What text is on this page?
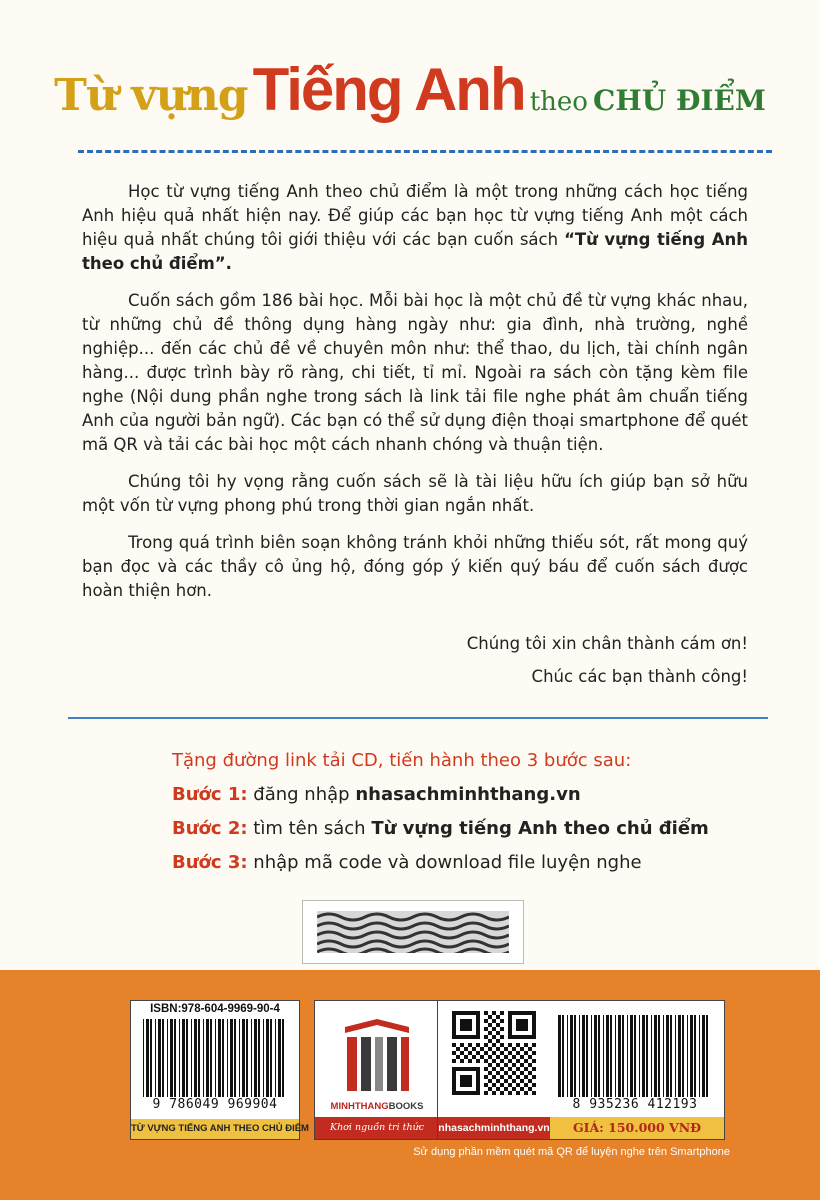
Từ vựng Tiếng Anh theo CHỦ ĐIỂM

Học từ vựng tiếng Anh theo chủ điểm là một trong những cách học tiếng Anh hiệu quả nhất hiện nay. Để giúp các bạn học từ vựng tiếng Anh một cách hiệu quả nhất chúng tôi giới thiệu với các bạn cuốn sách “Từ vựng tiếng Anh theo chủ điểm”.

Cuốn sách gồm 186 bài học. Mỗi bài học là một chủ đề từ vựng khác nhau, từ những chủ đề thông dụng hàng ngày như: gia đình, nhà trường, nghề nghiệp... đến các chủ đề về chuyên môn như: thể thao, du lịch, tài chính ngân hàng... được trình bày rõ ràng, chi tiết, tỉ mỉ. Ngoài ra sách còn tặng kèm file nghe (Nội dung phần nghe trong sách là link tải file nghe phát âm chuẩn tiếng Anh của người bản ngữ). Các bạn có thể sử dụng điện thoại smartphone để quét mã QR và tải các bài học một cách nhanh chóng và thuận tiện.

Chúng tôi hy vọng rằng cuốn sách sẽ là tài liệu hữu ích giúp bạn sở hữu một vốn từ vựng phong phú trong thời gian ngắn nhất.

Trong quá trình biên soạn không tránh khỏi những thiếu sót, rất mong quý bạn đọc và các thầy cô ủng hộ, đóng góp ý kiến quý báu để cuốn sách được hoàn thiện hơn.

Chúng tôi xin chân thành cám ơn!
Chúc các bạn thành công!
Tặng đường link tải CD, tiến hành theo 3 bước sau:
Bước 1: đăng nhập nhasachminhthang.vn
Bước 2: tìm tên sách Từ vựng tiếng Anh theo chủ điểm
Bước 3: nhập mã code và download file luyện nghe
ISBN:978-604-9969-90-4
9 786049 969904
TỪ VỰNG TIẾNG ANH THEO CHỦ ĐIỂM
MINHTHANGBOOKS
Khơi nguồn tri thức
8 935236 412193
nhasachminhthang.vn	GIÁ: 150.000 VNĐ
Sử dụng phần mềm quét mã QR để luyện nghe trên Smartphone
